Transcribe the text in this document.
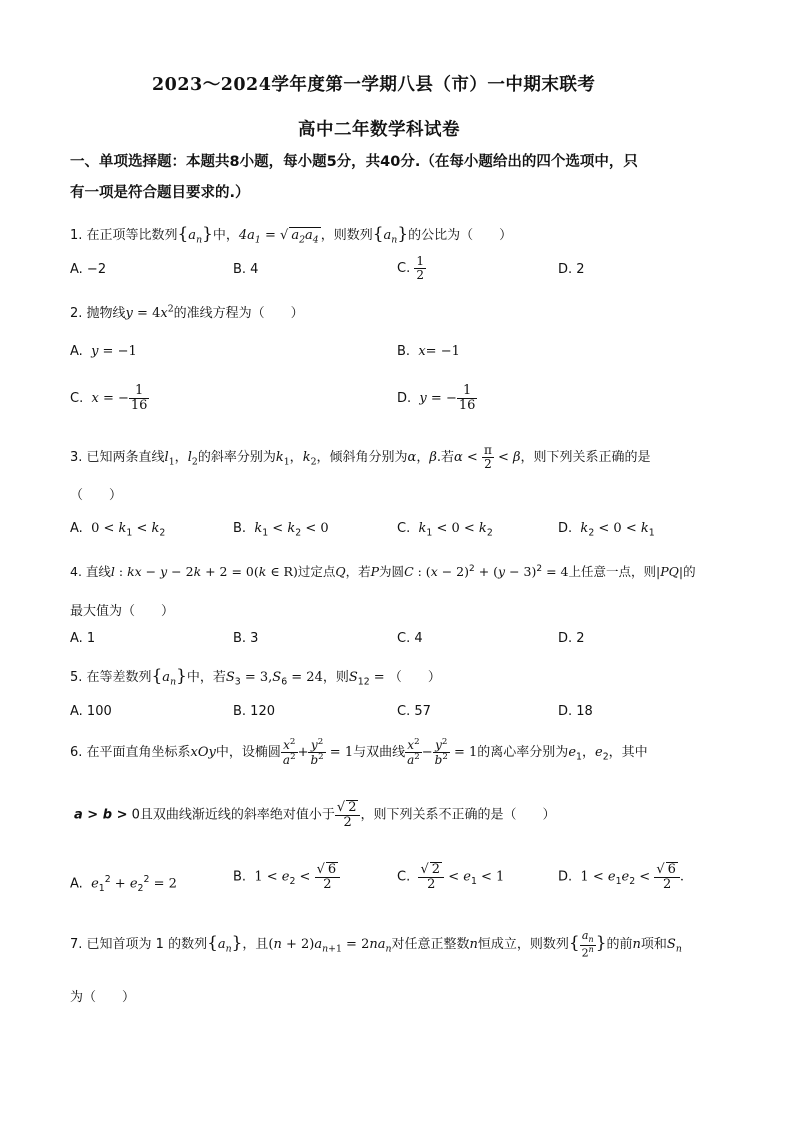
2023～2024学年度第一学期八县（市）一中期末联考
高中二年数学科试卷
一、单项选择题：本题共8小题，每小题5分，共40分.（在每小题给出的四个选项中，只
有一项是符合题目要求的.）
1. 在正项等比数列$\{a_n\}$中，$4a_1$ = √ $a_2a_4$ ，则数列$\{a_n\}$的公比为（　　）
A. −2	B. 4	C. $\frac{1}{2}$	D. 2
2. 抛物线$y = 4x^2$的准线方程为（　　）
A. y = −1	B. x= −1
C. x = − $\frac{1}{16}$	D. y = − $\frac{1}{16}$
3. 已知两条直线$l_1$，$l_2$的斜率分别为$k_1$，$k_2$，倾斜角分别为α，β.若$\alpha < \frac{\pi}{2} < \beta$，则下列关系正确的是
（　　）
A. $0 < k_1 < k_2$	B. $k_1 < k_2 < 0$	C. $k_1 < 0 < k_2$	D. $k_2 < 0 < k_1$
4. 直线l : kx − y − 2k + 2 = 0(k ∈ R)过定点Q，若P为圆C : $(x - 2)^2 + (y - 3)^2 = 4$上任意一点，则|PQ|的
最大值为（　　）
A. 1	B. 3	C. 4	D. 2
5. 在等差数列$\{a_n\}$中，若$S_3 = 3,S_6 = 24$，则$S_{12}$ = （　　）
A. 100	B. 120	C. 57	D. 18
6. 在平面直角坐标系xOy中，设椭圆 $\frac{x^2}{a^2} + \frac{y^2}{b^2} = 1$与双曲线 $\frac{x^2}{a^2} - \frac{y^2}{b^2} = 1$的离心率分别为$e_1$，$e_2$，其中
a > b > 0且双曲线渐近线的斜率绝对值小于 $\frac{√ 2}{2}$ ，则下列关系不正确的是（　　）
A. $e_1^2 + e_2^2 = 2$	B. $1 < e_2 < \frac{√ 6}{2}$	C. $\frac{√ 2}{2} < e_1 < 1$	D. $1 < e_1e_2 < \frac{√ 6}{2}$ .
7. 已知首项为 1 的数列$\{a_n\}$，且$(n + 2)a_{n+1} = 2na_n$对任意正整数n恒成立，则数列{ $\frac{a_n}{2^n}$ }的前n项和$S_n$
为（　　）
